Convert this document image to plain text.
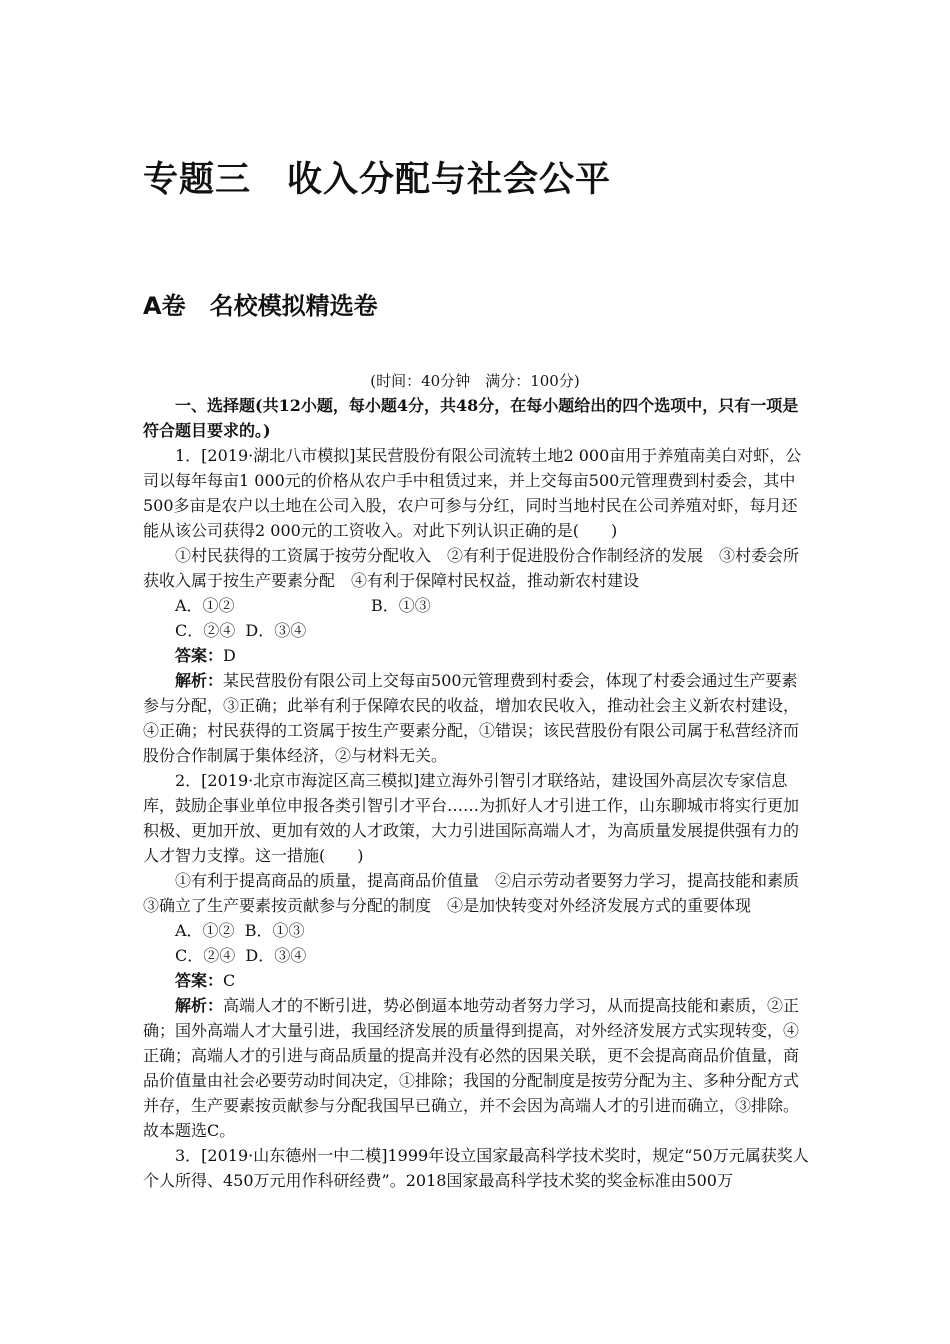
专题三　收入分配与社会公平
A卷　名校模拟精选卷
(时间：40分钟　满分：100分)

一、选择题(共12小题，每小题4分，共48分，在每小题给出的四个选项中，只有一项是符合题目要求的。)

1．[2019·湖北八市模拟]某民营股份有限公司流转土地2 000亩用于养殖南美白对虾，公司以每年每亩1 000元的价格从农户手中租赁过来，并上交每亩500元管理费到村委会，其中500多亩是农户以土地在公司入股，农户可参与分红，同时当地村民在公司养殖对虾，每月还能从该公司获得2 000元的工资收入。对此下列认识正确的是(　　)

①村民获得的工资属于按劳分配收入　②有利于促进股份合作制经济的发展　③村委会所获收入属于按生产要素分配　④有利于保障村民权益，推动新农村建设

A．①②	B．①③

C．②④  D．③④

答案：D

解析：某民营股份有限公司上交每亩500元管理费到村委会，体现了村委会通过生产要素参与分配，③正确；此举有利于保障农民的收益，增加农民收入，推动社会主义新农村建设，④正确；村民获得的工资属于按生产要素分配，①错误；该民营股份有限公司属于私营经济而股份合作制属于集体经济，②与材料无关。

2．[2019·北京市海淀区高三模拟]建立海外引智引才联络站，建设国外高层次专家信息库，鼓励企事业单位申报各类引智引才平台……为抓好人才引进工作，山东聊城市将实行更加积极、更加开放、更加有效的人才政策，大力引进国际高端人才，为高质量发展提供强有力的人才智力支撑。这一措施(　　)

①有利于提高商品的质量，提高商品价值量　②启示劳动者要努力学习，提高技能和素质　③确立了生产要素按贡献参与分配的制度　④是加快转变对外经济发展方式的重要体现

A．①②  B．①③

C．②④  D．③④

答案：C

解析：高端人才的不断引进，势必倒逼本地劳动者努力学习，从而提高技能和素质，②正确；国外高端人才大量引进，我国经济发展的质量得到提高，对外经济发展方式实现转变，④正确；高端人才的引进与商品质量的提高并没有必然的因果关联，更不会提高商品价值量，商品价值量由社会必要劳动时间决定，①排除；我国的分配制度是按劳分配为主、多种分配方式并存，生产要素按贡献参与分配我国早已确立，并不会因为高端人才的引进而确立，③排除。故本题选C。

3．[2019·山东德州一中二模]1999年设立国家最高科学技术奖时，规定“50万元属获奖人个人所得、450万元用作科研经费”。2018国家最高科学技术奖的奖金标准由500万
